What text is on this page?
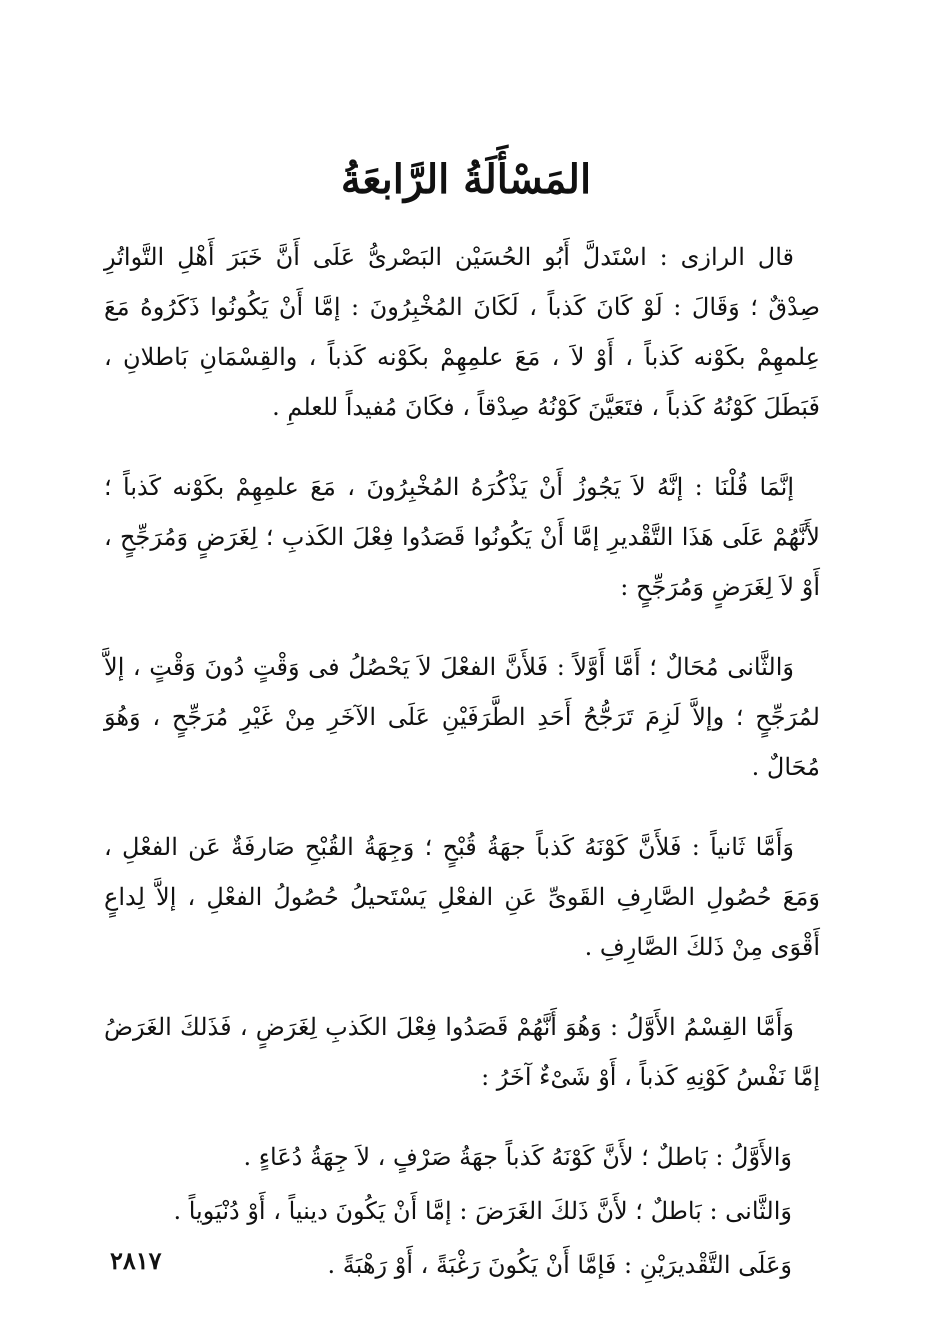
المَسْأَلَةُ الرَّابعَةُ

قال الرازى : اسْتَدلَّ أَبُو الحُسَيْن البَصْرىُّ عَلَى أَنَّ خَبَرَ أَهْلِ التَّواتُرِ صِدْقٌ ؛ وَقَالَ : لَوْ كَانَ كَذباً ، لَكَانَ المُخْبِرُونَ : إمَّا أَنْ يَكُونُوا ذَكَرُوهُ مَعَ عِلمهِمْ بكَوْنه كَذباً ، أَوْ لاَ ، مَعَ علمِهِمْ بكَوْنه كَذباً ، والقِسْمَانِ بَاطلانِ ، فَبَطَلَ كَوْنُهُ كَذباً ، فتَعَيَّنَ كَوْنُهُ صِدْقاً ، فكَانَ مُفيداً للعلمِ .

إنَّمَا قُلْنَا : إنَّهُ لاَ يَجُوزُ أَنْ يَذْكُرَهُ المُخْبِرُونَ ، مَعَ علمِهِمْ بكَوْنه كَذباً ؛ لأَنَّهُمْ عَلَى هَذَا التَّقْديرِ إمَّا أَنْ يَكُونُوا قَصَدُوا فِعْلَ الكَذبِ ؛ لِغَرَضٍ وَمُرَجِّحٍ ، أَوْ لاَ لِغَرَضٍ وَمُرَجِّحٍ :

وَالثَّانى مُحَالٌ ؛ أَمَّا أَوَّلاً : فَلأَنَّ الفعْلَ لاَ يَحْصُلُ فى وَقْتٍ دُونَ وَقْتٍ ، إلاَّ لمُرَجِّحٍ ؛ وإلاَّ لَزِمَ تَرَجُّحُ أَحَدِ الطَّرَفَيْنِ عَلَى الآخَرِ مِنْ غَيْرِ مُرَجِّحٍ ، وَهُوَ مُحَالٌ .

وَأَمَّا ثَانياً : فَلأَنَّ كَوْنَهُ كَذباً جهَةُ قُبْحٍ ؛ وَجِهَةُ القُبْحِ صَارفَةٌ عَن الفعْلِ ، وَمَعَ حُصُولِ الصَّارِفِ القَوىِّ عَنِ الفعْلِ يَسْتَحيلُ حُصُولُ الفعْلِ ، إلاَّ لِداعٍ أَقْوَى مِنْ ذَلكَ الصَّارِفِ .

وَأَمَّا القِسْمُ الأَوَّلُ : وَهُوَ أَنَّهُمْ قَصَدُوا فِعْلَ الكَذبِ لِغَرَضٍ ، فَذَلكَ الغَرَضُ إمَّا نَفْسُ كَوْنِهِ كَذباً ، أَوْ شَىْءٌ آخَرُ :

وَالأَوَّلُ : بَاطلٌ ؛ لأَنَّ كَوْنَهُ كَذباً جهَةُ صَرْفٍ ، لاَ جِهَةُ دُعَاءٍ .

وَالثَّانى : بَاطلٌ ؛ لأَنَّ ذَلكَ الغَرَضَ : إمَّا أَنْ يَكُونَ دينياً ، أَوْ دُنْيَوياً .

وَعَلَى التَّقْديرَيْنِ : فَإمَّا أَنْ يَكُونَ رَغْبَةً ، أَوْ رَهْبَةً .

٢٨١٧
